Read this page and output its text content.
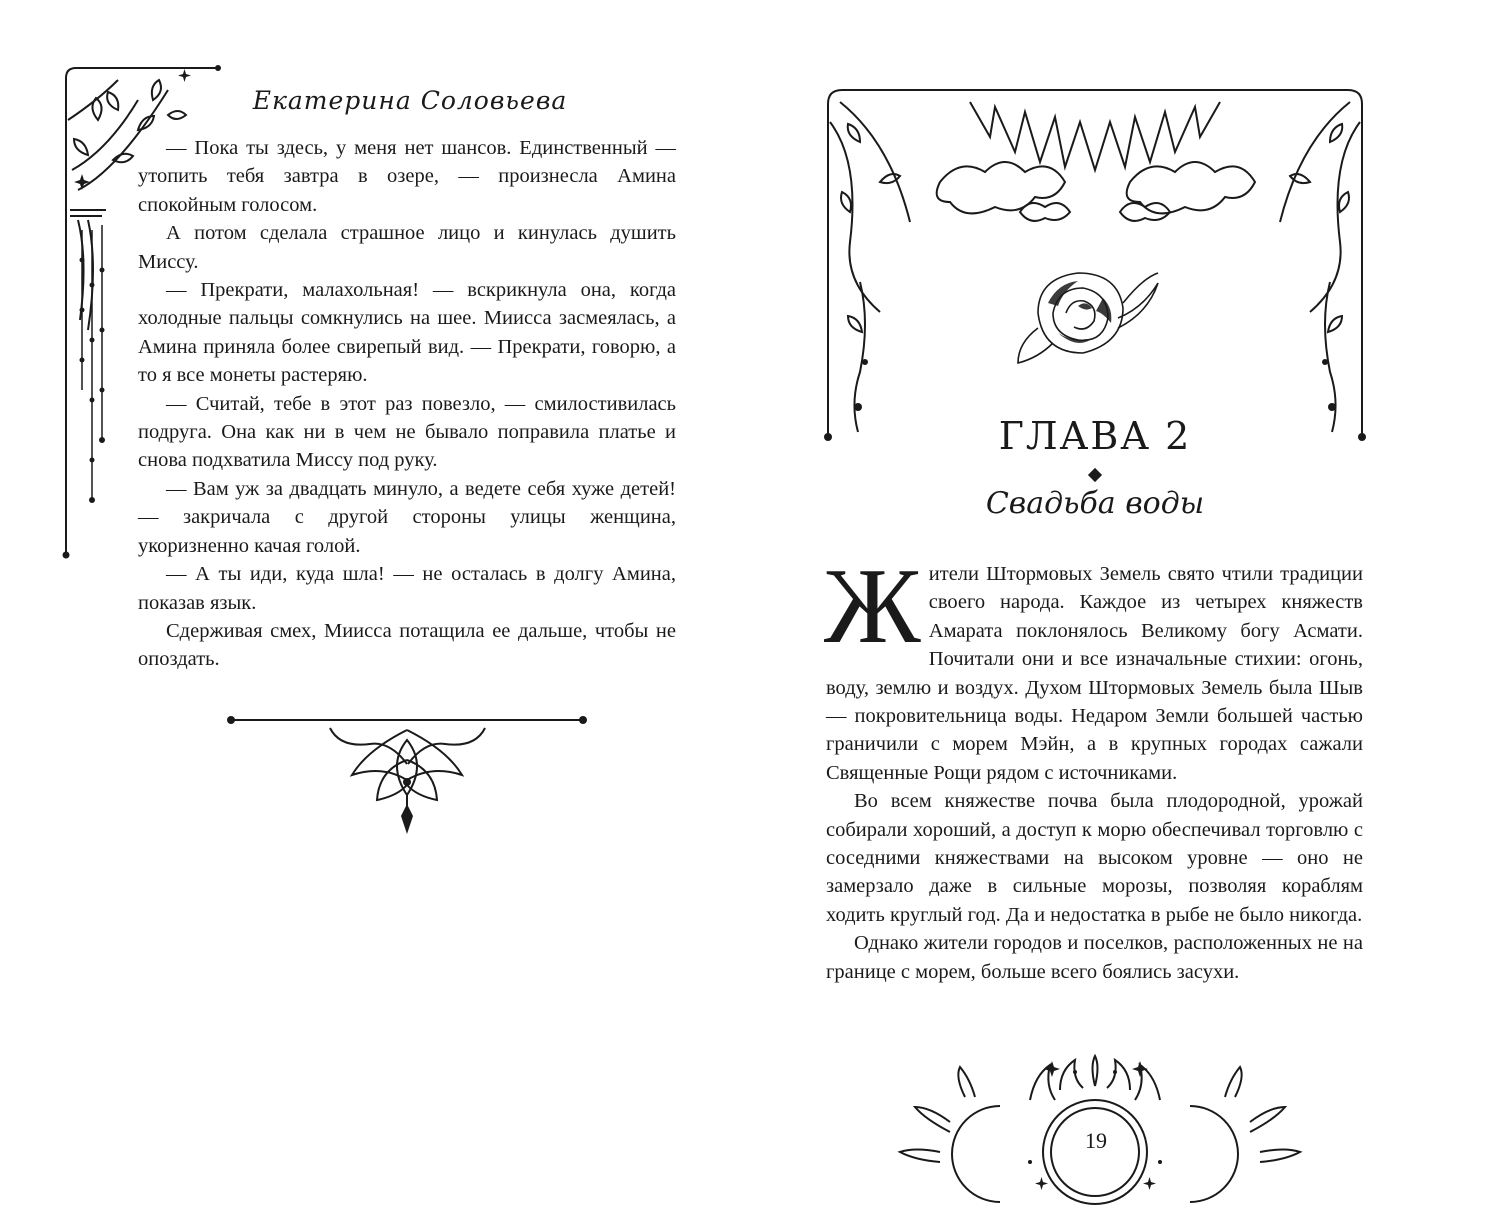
Екатерина Соловьева

— Пока ты здесь, у меня нет шансов. Единственный — утопить тебя завтра в озере, — произнесла Амина спокойным голосом.

А потом сделала страшное лицо и кинулась душить Миссу.

— Прекрати, малахольная! — вскрикнула она, когда холодные пальцы сомкнулись на шее. Миисса засмеялась, а Амина приняла более свирепый вид. — Прекрати, говорю, а то я все монеты растеряю.

— Считай, тебе в этот раз повезло, — смилостивилась подруга. Она как ни в чем не бывало поправила платье и снова подхватила Миссу под руку.

— Вам уж за двадцать минуло, а ведете себя хуже детей! — закричала с другой стороны улицы женщина, укоризненно качая голой.

— А ты иди, куда шла! — не осталась в долгу Амина, показав язык.

Сдерживая смех, Миисса потащила ее дальше, чтобы не опоздать.

ГЛАВА 2
Свадьба воды

Жители Штормовых Земель свято чтили традиции своего народа. Каждое из четырех княжеств Амарата поклонялось Великому богу Асмати. Почитали они и все изначальные стихии: огонь, воду, землю и воздух. Духом Штормовых Земель была Шыв — покровительница воды. Недаром Земли большей частью граничили с морем Мэйн, а в крупных городах сажали Священные Рощи рядом с источниками.

Во всем княжестве почва была плодородной, урожай собирали хороший, а доступ к морю обеспечивал торговлю с соседними княжествами на высоком уровне — оно не замерзало даже в сильные морозы, позволяя кораблям ходить круглый год. Да и недостатка в рыбе не было никогда.

Однако жители городов и поселков, расположенных не на границе с морем, больше всего боялись засухи.

19
